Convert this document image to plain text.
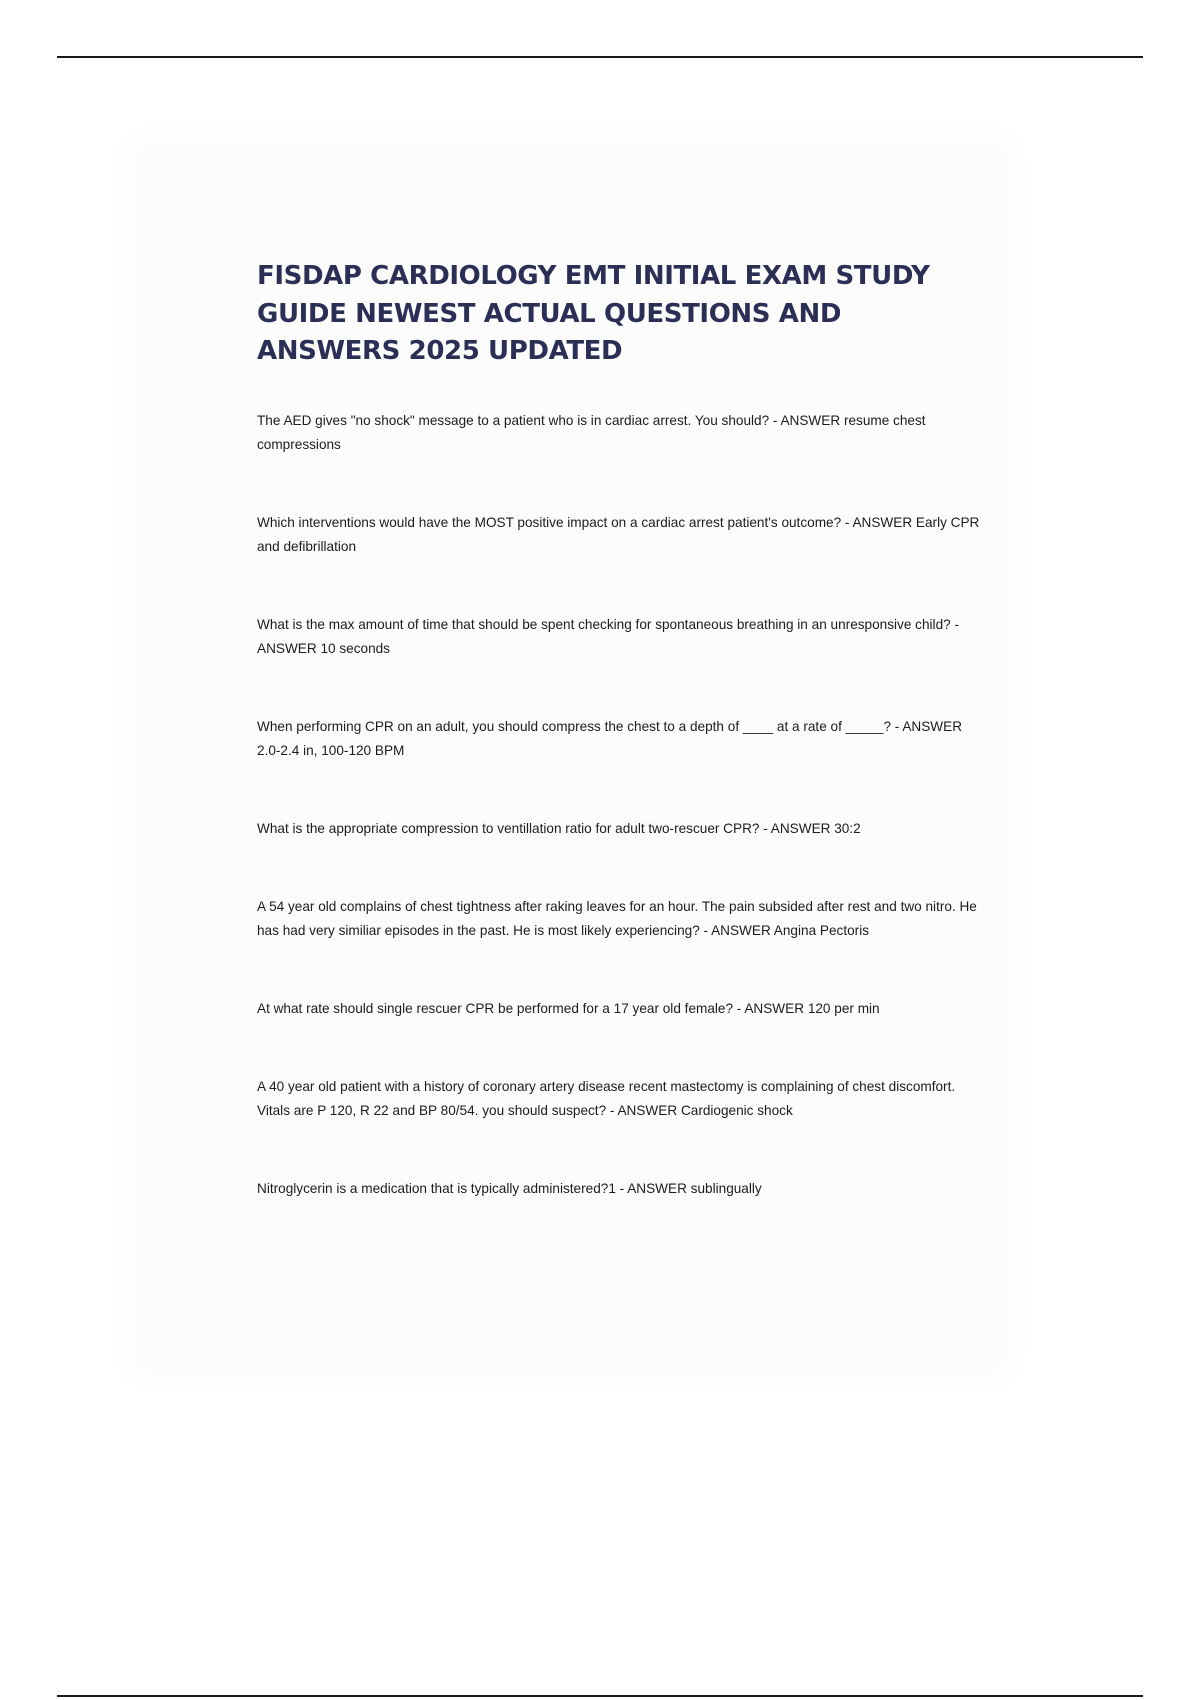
FISDAP CARDIOLOGY EMT INITIAL EXAM STUDY GUIDE NEWEST ACTUAL QUESTIONS AND ANSWERS 2025 UPDATED
The AED gives "no shock" message to a patient who is in cardiac arrest. You should? - ANSWER resume chest compressions
Which interventions would have the MOST positive impact on a cardiac arrest patient's outcome? - ANSWER Early CPR and defibrillation
What is the max amount of time that should be spent checking for spontaneous breathing in an unresponsive child? - ANSWER 10 seconds
When performing CPR on an adult, you should compress the chest to a depth of ____ at a rate of _____? - ANSWER 2.0-2.4 in, 100-120 BPM
What is the appropriate compression to ventillation ratio for adult two-rescuer CPR? - ANSWER 30:2
A 54 year old complains of chest tightness after raking leaves for an hour. The pain subsided after rest and two nitro. He has had very similiar episodes in the past. He is most likely experiencing? - ANSWER Angina Pectoris
At what rate should single rescuer CPR be performed for a 17 year old female? - ANSWER 120 per min
A 40 year old patient with a history of coronary artery disease recent mastectomy is complaining of chest discomfort. Vitals are P 120, R 22 and BP 80/54. you should suspect? - ANSWER Cardiogenic shock
Nitroglycerin is a medication that is typically administered?1 - ANSWER sublingually
